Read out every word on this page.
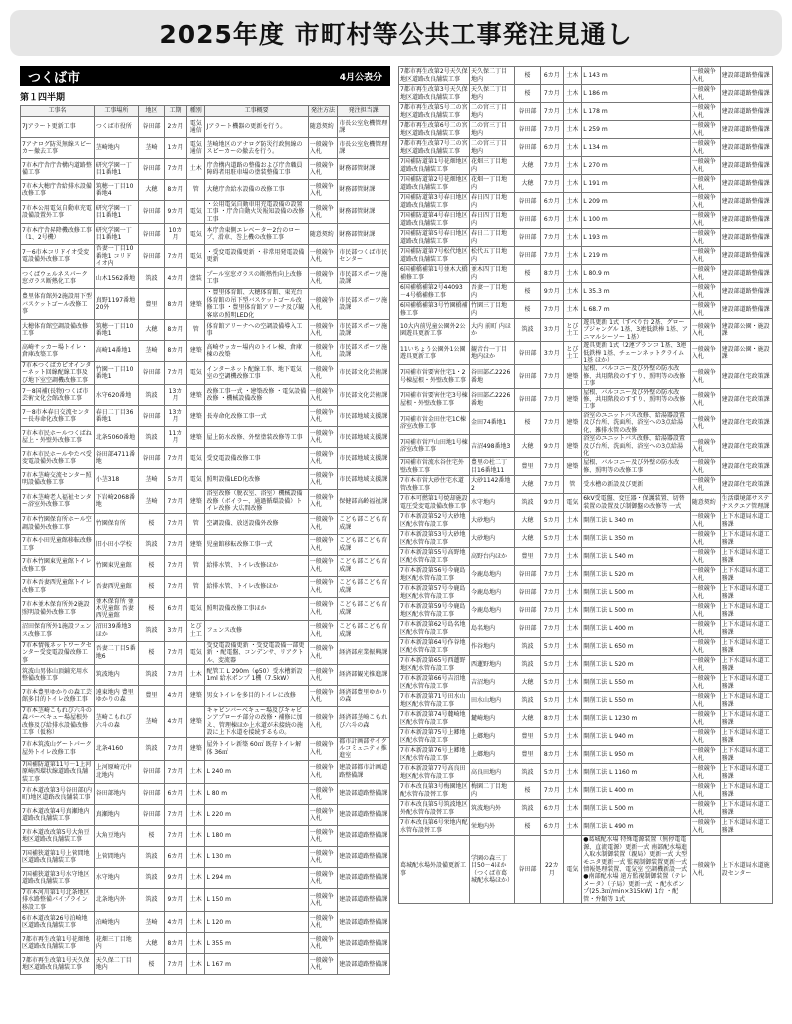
2025年度 市町村等公共工事発注見通し
つくば市	4月公表分
第１四半期
工事名	工事場所	地区	工期	種別	工事概要	発注方法	発注担当課
7Jアラート更新工事	つくば市役所	谷田部	2カ月	電気通信	Jアラート機器の更新を行う。	随意契約	市長公室危機管理課
7アナログ防災無線スピーカー撤去工事	茎崎地内	茎崎	1カ月	電気通信	茎崎地区のアナログ防災行政無線のスピーカーの撤去を行う。	一般競争入札	市長公室危機管理課
7市本庁舎庁舎構内道路整備工事	研究学園一丁目1番地1	谷田部	7カ月	土木	庁舎構内道路の整備および庁舎職員障碍者用駐車場の塗装整備工事	一般競争入札	財務部管財課
7市本大穂庁舎給排水設備改修工事	筑穂一丁目10番地4	大穂	8カ月	管	大穂庁舎給水設備の改修工事	一般競争入札	財務部管財課
7市本公用電気自動車充電設備設置外工事	研究学園一丁目1番地1	谷田部	9カ月	電気	・公用電気自動車用充電設備の設置工事 ・庁舎自動火災報知設備の改修工事	一般競争入札	財務部管財課
7市本庁舎昇降機改修工事（1、2号機）	研究学園一丁目1番地1	谷田部	10カ月	電気	本庁舎東側エレベーター2台のロープ、滑車、巻上機の改修工事	随意契約	財務部管財課
7－6市本コリドイオ受変電設備外改修工事	吾妻一丁目10番地1 コリドイオ内	谷田部	7カ月	電気	・受変電設備更新 ・非常用発電設備更新	一般競争入札	市民部つくば市民センター
つくばウェルネスパーク窓ガラス断熱化工事	山木1562番地	筑波	4カ月	塗装	プール室窓ガラスの断熱性向上改修工事	一般競争入札	市民部スポーツ施設課
豊里体育館外2施設用下型バスケットゴール改修工事	真野1197番地20外	豊里	8カ月	建築	・豊里体育館、大穂体育館、東光台体育館の吊下型バスケットゴール改修工事 ・豊里体育館アリーナ及び観客席の照明LED化	一般競争入札	市民部スポーツ施設課
大穂体育館空調設備改修工事	筑穂一丁目10番地1	大穂	8カ月	管	体育館アリーナへの空調設備導入工事	一般競争入札	市民部スポーツ施設課
高崎サッカー場トイレ・倉庫改築工事	高崎14番地1	茎崎	8カ月	建築	高崎サッカー場内のトイレ棟、倉庫棟の改築	一般競争入札	市民部スポーツ施設課
7市本つくばカピオインターネット回線配線工事及び地下室空調機改修工事	竹園一丁目10番地1	谷田部	7カ月	電気	インターネット配線工事、地下電気室の空調機改修工事	一般競争入札	市民部文化芸術課
7－8国補(長物)つくば市芸術文化会館改修工事	水守620番地	筑波	13カ月	建築	改修工事一式 ・建築改修 ・電気設備改修 ・機械設備改修	一般競争入札	市民部文化芸術課
7－8市本春日交流センター長寿命化改修工事	春日二丁目36番地1	谷田部	13カ月	建築	長寿命化改修工事一式	一般競争入札	市民部地域支援課
7市本市民ホールつくばね屋上・外壁外改修工事	北条5060番地	筑波	11カ月	建築	屋上防水改修、外壁塗装改修等工事	一般競争入札	市民部地域支援課
7市本市民ホールやたべ受変電設備外改修工事	谷田部4711番地	谷田部	7カ月	電気	受変電設備改修工事	一般競争入札	市民部地域支援課
7市本茎崎交流センター照明設備改修工事	小茎318	茎崎	5カ月	電気	照明設備LED化改修	一般競争入札	市民部地域支援課
7市本茎崎老人福祉センター浴室外改修工事	下岩崎2068番地	茎崎	7カ月	建築	浴室改修（脱衣室、浴室）機械設備改修（ボイラー、通過循環設備）トイレ改修 大広間改修	一般競争入札	保健部高齢福祉課
7市本竹園保育所ホール空調設備外改修工事	竹園保育所	桜	7カ月	管	空調設備、放送設備外改修	一般競争入札	こども部こども育成課
7市本小田児童館移転改修工事	旧小田小学校	筑波	7カ月	建築	児童館移転改修工事一式	一般競争入札	こども部こども育成課
7市本竹園東児童館トイレ改修工事	竹園東児童館	桜	7カ月	管	給排水管、トイレ改修ほか	一般競争入札	こども部こども育成課
7市本吾妻西児童館トイレ改修工事	吾妻西児童館	桜	7カ月	管	給排水管、トイレ改修ほか	一般競争入札	こども部こども育成課
7市本並木保育所外2施設照明設備外改修工事	並木保育所 並木児童館 吾妻西児童館	桜	6カ月	電気	照明設備改修工事ほか	一般競争入札	こども部こども育成課
沼田保育所外1施設フェンス改修工事	沼田39番地3ほか	筑波	3カ月	とび土工	フェンス改修	一般競争入札	こども部こども育成課
7市本情報ネットワークセンター受変電設備改修工事	吾妻二丁目5番地6	桜	7カ月	電気	受変電設備更新 ・受変電設備一部更新 ・配電盤、コンデンサ、リアクトル、変流器	一般競争入札	経済部産業振興課
筑波山男体山頂鋪充用水整備改修工事	筑波地内	筑波	7カ月	土木	配管工 L 290m（φ50）受水槽新設 1ml 給水ポンプ 1機（7.5kW）	一般競争入札	経済部観光推進課
7市本豊里ゆかりの森工芸館多目的トイレ改修工事	遠東地内 豊里ゆかりの森	豊里	4カ月	建築	男女トイレを多目的トイレに改修	一般競争入札	経済部豊里ゆかりの森
7市本茎崎こもれび六斗の森バーベキュー場屋根外改修及び給排水設備改修工事（仮称）	茎崎こもれび六斗の森	茎崎	4カ月	建築	キャビンバーベキュー場及びキャビンアプローチ部分の改修・補修に加え、管理棟ほか上水道が未接続の施設に上下水道を接続するもの。	一般競争入札	経済部茎崎こもれび六斗の森
7市本筑波山ゲートパーク屋外トイレ改修工事	北条4160	筑波	7カ月	建築	屋外トイレ新築 60㎡ 既存トイレ解体 36㎡	一般競争入札	都市計画部サイクルコミュニティ推進室
7国補防道第11号－1上河原崎西環状線道路改良舗装工事	上河原崎元中北地内	谷田部	7カ月	土木	L 240 m	一般競争入札	建設部都市計画道路整備課
7市本道改第3号谷田部(内町)地区道路改良舗装工事	谷田部地内	谷田部	6カ月	土木	L 80 m	一般競争入札	建設部道路整備課
7市本道改第4号真瀬地内道路改良舗装工事	真瀬地内	谷田部	7カ月	土木	L 220 m	一般競争入札	建設部道路整備課
7市本道改改第5号大角豆地区道路改良舗装工事	大角豆地内	桜	7カ月	土木	L 180 m	一般競争入札	建設部道路整備課
7国補狭道第1号上菅間地区道路改良舗装工事	上菅間地内	筑波	6カ月	土木	L 130 m	一般競争入札	建設部道路整備課
7国補狭道第3号水守地区道路改良舗装工事	水守地内	筑波	9カ月	土木	L 294 m	一般競争入札	建設部道路整備課
7市本河川第1号北条地区排水路整備パイプライン移設工事	北条地内外	筑波	9カ月	土木	L 150 m	一般競争入札	建設部道路整備課
6市本道改第26号泊崎地区道路改良舗装工事	泊崎地内	茎崎	4カ月	土木	L 120 m	一般競争入札	建設部道路整備課
7都市再生改第1号花畑地区道路改良舗装工事	花畑三丁目地内	大穂	8カ月	土木	L 355 m	一般競争入札	建設部道路整備課
7都市再生改第1号天久保地区道路改良舗装工事	天久保二丁目地内	桜	7カ月	土木	L 167 m	一般競争入札	建設部道路整備課
7都市再生改第2号天久保地区道路改良舗装工事	天久保二丁目地内	桜	6カ月	土木	L 143 m	一般競争入札	建設部道路整備課
7都市再生改第3号天久保地区道路改良舗装工事	天久保二丁目地内	桜	7カ月	土木	L 186 m	一般競争入札	建設部道路整備課
7都市再生改第5号二の宮地区道路改良舗装工事	二の宮三丁目地内	谷田部	7カ月	土木	L 178 m	一般競争入札	建設部道路整備課
7都市再生改第6号二の宮地区道路改良舗装工事	二の宮三丁目地内	谷田部	7カ月	土木	L 259 m	一般競争入札	建設部道路整備課
7都市再生改第7号二の宮地区道路改良舗装工事	二の宮三丁目地内	谷田部	6カ月	土木	L 134 m	一般競争入札	建設部道路整備課
7国補防道第1号花畑地区道路改良舗装工事	花畑三丁目地内	大穂	7カ月	土木	L 270 m	一般競争入札	建設部道路整備課
7国補防道第2号花畑地区道路改良舗装工事	花畑一丁目地内	大穂	7カ月	土木	L 191 m	一般競争入札	建設部道路整備課
7国補防道第3号春日地区道路改良舗装工事	春日四丁目地内	谷田部	6カ月	土木	L 209 m	一般競争入札	建設部道路整備課
7国補防道第4号春日地区道路改良舗装工事	春日四丁目地内	谷田部	6カ月	土木	L 100 m	一般競争入札	建設部道路整備課
7国補防道第5号春日地区道路改良舗装工事	春日二丁目地内	谷田部	7カ月	土木	L 193 m	一般競争入札	建設部道路整備課
7国補防道第7号松代地区道路改良舗装工事	松代五丁目地内	谷田部	7カ月	土木	L 219 m	一般競争入札	建設部道路整備課
6国補橋補第1号並木大橋補修工事	並木四丁目地内	桜	8カ月	土木	L 80.9 m	一般競争入札	建設部道路整備課
6国補橋補第2号44093－4号橋補修工事	吾妻一丁目地内	桜	9カ月	土木	L 35.3 m	一般競争入札	建設部道路整備課
6国補橋補第3号竹園橋補修工事	竹園三丁目地内	桜	7カ月	土木	L 68.7 m	一般競争入札	建設部道路整備課
10大内前児童公園外2公園遊具更新工事	大内 前町 内ほか	筑波	3カ月	とび土工	遊具更新 1式（すべり台 2基、グローブジャングル 1基、3連低鉄棒 1基、アニマルシーソー 1基）	一般競争入札	建設部公園・施設課
11いちょう公園外1公園遊具更新工事	観音台一丁目地内ほか	谷田部	3カ月	とび土工	遊具更新 1式（2連ブランコ 1基、3連低鉄棒 1基、チェーンネットクライム 1基 ほか）	一般競争入札	建設部公園・施設課
7国補市営要害住宅1・2号棟屋根・外壁改修工事	谷田部乙2226番地	谷田部	7カ月	建築	屋根、バルコニー及び外壁の防水改修、共用階段のすすり、照明等の改修工事	一般競争入札	建設部住宅政策課
7国補市営要害住宅3号棟屋根・外壁改修工事	谷田部乙2226番地	谷田部	7カ月	建築	屋根、バルコニー及び外壁の防水改修、共用階段のすすり、照明等の改修工事	一般競争入札	建設部住宅政策課
7国補市営金田住宅1C棟浴室改修工事	金田74番地1	桜	7カ月	建築	浴室のユニットバス改修、給湯器設置及び台所、洗面所、浴室への3点給湯化、雑排水管の改修	一般競争入札	建設部住宅政策課
7国補市営戸山田地1号棟浴室改修工事	吉沼498番地3	大穂	9カ月	建築	浴室のユニットバス改修、給湯器設置及び台所、洗面所、浴室への3点給湯化	一般競争入札	建設部住宅政策課
7国補市営流水谷住宅外壁改修工事	豊里の杜二丁目16番地11	豊里	7カ月	建築	屋根、バルコニー及び外壁の防水改修、照明等の改修工事	一般競争入札	建設部住宅政策課
7市本市営大砂住宅水道管改修工事	大砂1142番地2	大穂	7カ月	管	受水槽の新設及び更新	一般競争入札	建設部住宅政策課
7市本可燃第1号焼却施設電圧受変電設備改修工事	水守地内	筑波	9カ月	電気	6kV受電盤、変圧器・保護装置、切替装置の設置及び制御盤の改修等 一式	随意契約	生活環境部サステナスクエア管理課
7市本新設第52号大砂地区配水管布設工事	大砂地内	大穂	5カ月	土木	開削工法 L 340 m	一般競争入札	上下水道局水道工務課
7市本新設第53号大砂地区配水管布設工事	大砂地内	大穂	5カ月	土木	開削工法 L 350 m	一般競争入札	上下水道局水道工務課
7市本新設第55号高野地区配水管布設工事	高野台内ほか	豊里	7カ月	土木	開削工法 L 540 m	一般競争入札	上下水道局水道工務課
7市本新設第56号今鹿島地区配水管布設工事	今鹿島地内	谷田部	7カ月	土木	開削工法 L 520 m	一般競争入札	上下水道局水道工務課
7市本新設第57号今鹿島地区配水管布設工事	今鹿島地内	谷田部	7カ月	土木	開削工法 L 500 m	一般競争入札	上下水道局水道工務課
7市本新設第59号今鹿島地区配水管布設工事	今鹿島地内	谷田部	7カ月	土木	開削工法 L 500 m	一般競争入札	上下水道局水道工務課
7市本新設第62号島名地区配水管布設工事	島名地内	谷田部	7カ月	土木	開削工法 L 400 m	一般競争入札	上下水道局水道工務課
7市本新設第64号作谷地区配水管布設工事	作谷地内	筑波	5カ月	土木	開削工法 L 650 m	一般競争入札	上下水道局水道工務課
7市本新設第65号西蓮野地区配水管布設工事	西蓮野地内	筑波	5カ月	土木	開削工法 L 520 m	一般競争入札	上下水道局水道工務課
7市本新設第66号吉沼地区配水管布設工事	吉沼地内	大穂	5カ月	土木	開削工法 L 550 m	一般競争入札	上下水道局水道工務課
7市本新設第71号田水山地区配水管布設工事	田水山地内	筑波	5カ月	土木	開削工法 L 550 m	一般競争入札	上下水道局水道工務課
7市本新設第74号麓崎地区配水管布設工事	麓崎地内	大穂	8カ月	土木	開削工法 L 1230 m	一般競争入札	上下水道局水道工務課
7市本新設第75号上郷地区配水管布設工事	上郷地内	豊里	5カ月	土木	開削工法 L 940 m	一般競争入札	上下水道局水道工務課
7市本新設第76号上郷地区配水管布設工事	上郷地内	豊里	8カ月	土木	開削工法 L 950 m	一般競争入札	上下水道局水道工務課
7市本新設第77号高良田地区配水管布設工事	高良田地内	筑波	5カ月	土木	開削工法 L 1160 m	一般競争入札	上下水道局水道工務課
7市本改良第3号梅園地区配水管布設替工事	梅園二丁目地内	桜	7カ月	土木	開削工法 L 400 m	一般競争入札	上下水道局水道工務課
7市本改良第5号筑波地区外配水管布設替工事	筑波地内外	筑波	6カ月	土木	開削工法 L 500 m	一般競争入札	上下水道局水道工務課
7市本改良第6号栄地内配水管布設替工事	栄地内外	桜	6カ月	土木	開削工法 L 490 m	一般競争入札	上下水道局水道工務課
葛城配水場外設備更新工事	学園の森三丁目50－4ほか（つくば市葛城配水場ほか）	谷田部	22カ月	電気	●葛城配水場 特殊電源装置（無停電電源、直流電源）更新一式 南部配水場進入取水制御装置（親局）更新一式 大型モニタ更新一式 監視制御装置更新一式 情報処理装置、電気室 空調機新設一式 ●南部配水場 遠方監視制御装置（テレメータ）（子局）更新一式 ・配水ポンプ(25.3㎡/min×315kW) 1台 ・配管・弁類等 1式	一般競争入札	上下水道局水道施設センター
